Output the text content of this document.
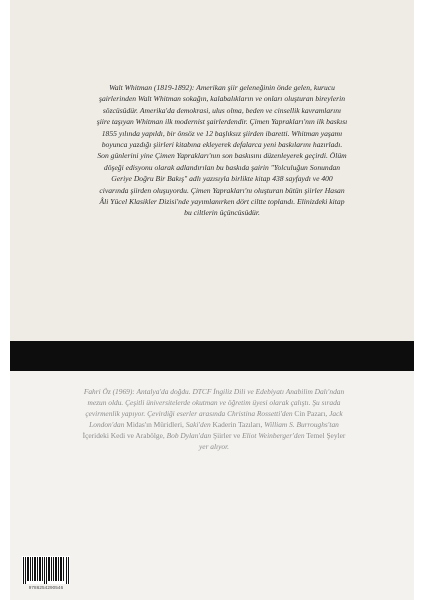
Walt Whitman (1819-1892): Amerikan şiir geleneğinin önde gelen, kurucu şairlerinden Walt Whitman sokağın, kalabalıkların ve onları oluşturan bireylerin sözcüsüdür. Amerika'da demokrasi, ulus olma, beden ve cinsellik kavramlarını şiire taşıyan Whitman ilk modernist şairlerdendir. Çimen Yaprakları'nın ilk baskısı 1855 yılında yapıldı, bir önsöz ve 12 başlıksız şiirden ibaretti. Whitman yaşamı boyunca yazdığı şiirleri kitabına ekleyerek defalarca yeni baskılarını hazırladı. Son günlerini yine Çimen Yaprakları'nın son baskısını düzenleyerek geçirdi. Ölüm döşeği edisyonu olarak adlandırılan bu baskıda şairin "Yolculuğun Sonundan Geriye Doğru Bir Bakış" adlı yazısıyla birlikte kitap 438 sayfaydı ve 400 civarında şiirden oluşuyordu. Çimen Yaprakları'nı oluşturan bütün şiirler Hasan Âli Yücel Klasikler Dizisi'nde yayımlanırken dört ciltte toplandı. Elinizdeki kitap bu ciltlerin üçüncüsüdür.

Fahri Öz (1969): Antalya'da doğdu. DTCF İngiliz Dili ve Edebiyatı Anabilim Dalı'ndan mezun oldu. Çeşitli üniversitelerde okutman ve öğretim üyesi olarak çalıştı. Şu sırada çevirmenlik yapıyor. Çevirdiği eserler arasında Christina Rossetti'den Cin Pazarı, Jack London'dan Midas'ın Müridleri, Saki'den Kaderin Tazıları, William S. Burroughs'tan İçerideki Kedi ve Arabölge, Bob Dylan'dan Şiirler ve Eliot Weinberger'den Temel Şeyler yer alıyor.

9786254290546
